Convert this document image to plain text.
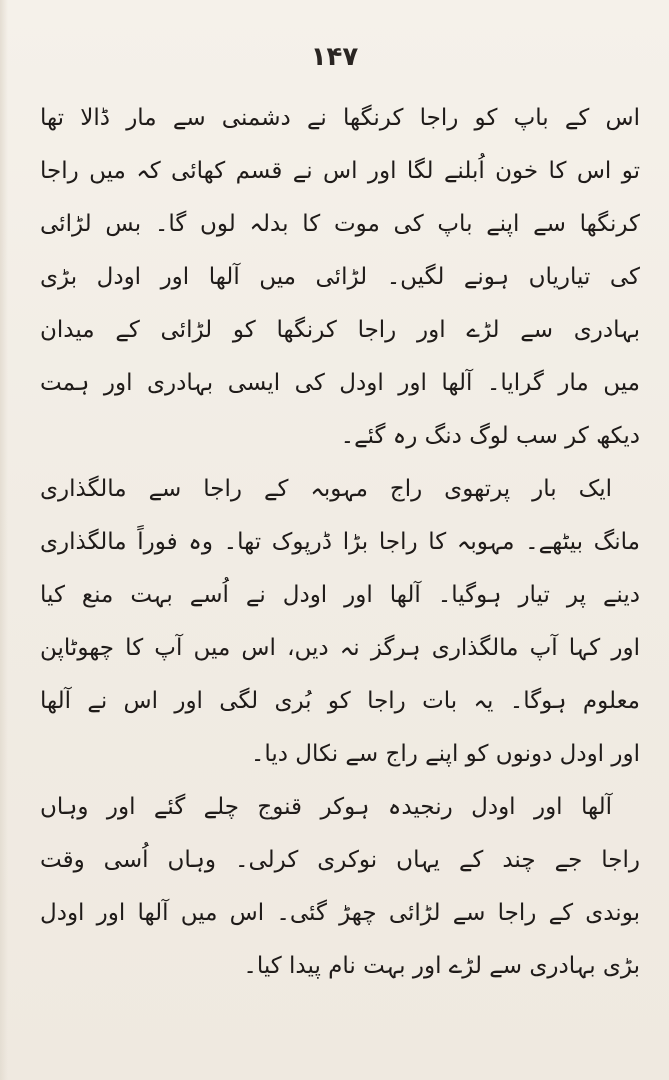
۱۴۷
اس کے باپ کو راجا کرنگھا نے دشمنی سے مار ڈالا تھا
تو اس کا خون اُبلنے لگا اور اس نے قسم کھائی کہ میں راجا
کرنگھا سے اپنے باپ کی موت کا بدلہ لوں گا۔ بس لڑائی
کی تیاریاں ہونے لگیں۔ لڑائی میں آلھا اور اودل بڑی
بہادری سے لڑے اور راجا کرنگھا کو لڑائی کے میدان
میں مار گرایا۔ آلھا اور اودل کی ایسی بہادری اور ہمت
دیکھ کر سب لوگ دنگ رہ گئے۔
ایک بار پرتھوی راج مہوبہ کے راجا سے مالگذاری
مانگ بیٹھے۔ مہوبہ کا راجا بڑا ڈرپوک تھا۔ وہ فوراً مالگذاری
دینے پر تیار ہوگیا۔ آلھا اور اودل نے اُسے بہت منع کیا
اور کہا آپ مالگذاری ہرگز نہ دیں، اس میں آپ کا چھوٹاپن
معلوم ہوگا۔ یہ بات راجا کو بُری لگی اور اس نے آلھا
اور اودل دونوں کو اپنے راج سے نکال دیا۔
آلھا اور اودل رنجیدہ ہوکر قنوج چلے گئے اور وہاں
راجا جے چند کے یہاں نوکری کرلی۔ وہاں اُسی وقت
بوندی کے راجا سے لڑائی چھڑ گئی۔ اس میں آلھا اور اودل
بڑی بہادری سے لڑے اور بہت نام پیدا کیا۔
